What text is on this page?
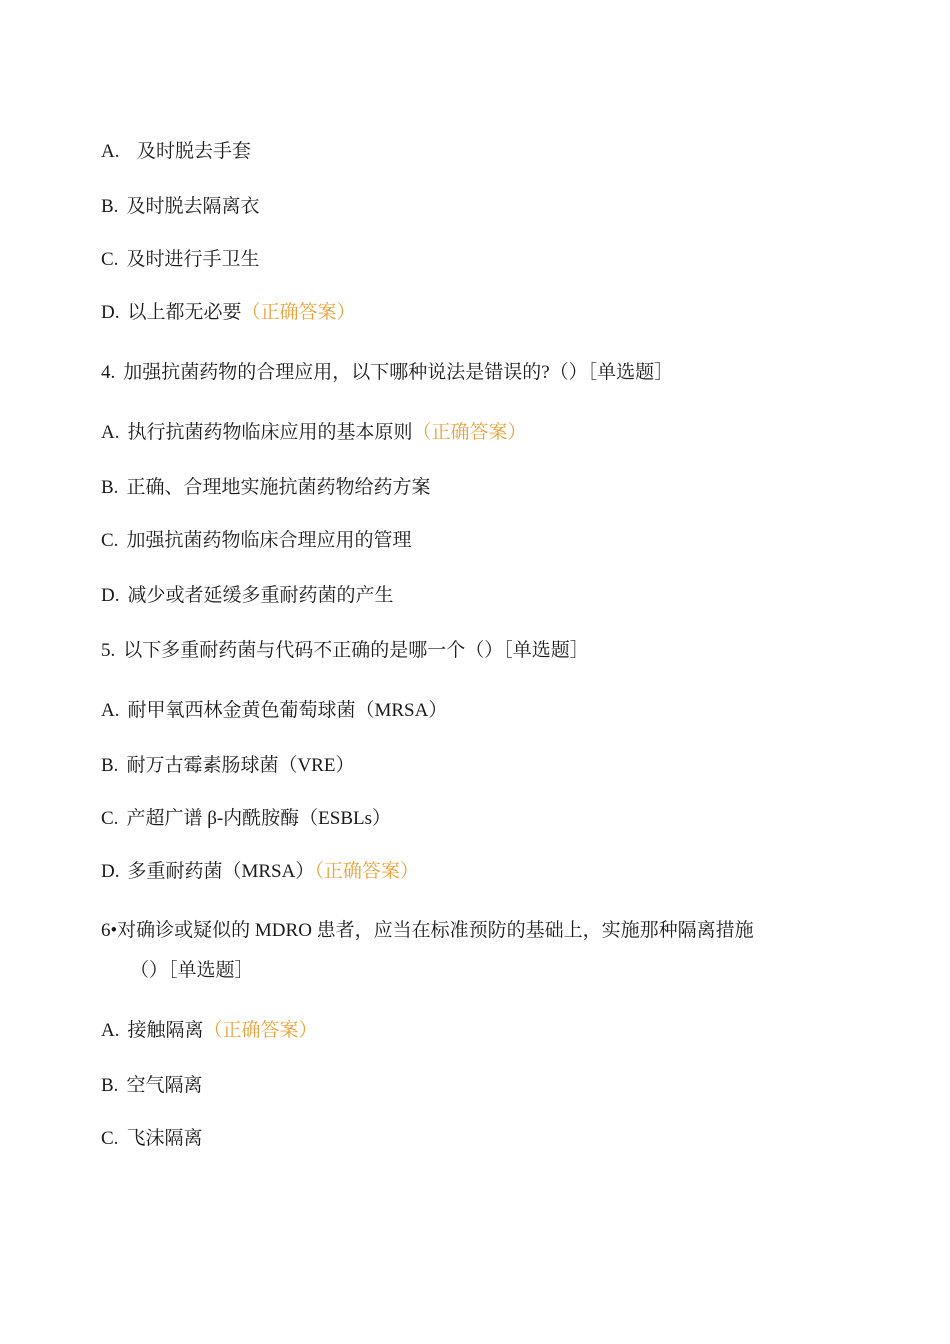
A.  及时脱去手套
B. 及时脱去隔离衣
C. 及时进行手卫生
D. 以上都无必要（正确答案）
4. 加强抗菌药物的合理应用，以下哪种说法是错误的?（）［单选题］
A. 执行抗菌药物临床应用的基本原则（正确答案）
B. 正确、合理地实施抗菌药物给药方案
C. 加强抗菌药物临床合理应用的管理
D. 减少或者延缓多重耐药菌的产生
5. 以下多重耐药菌与代码不正确的是哪一个（）［单选题］
A. 耐甲氧西林金黄色葡萄球菌（MRSA）
B. 耐万古霉素肠球菌（VRE）
C. 产超广谱 β-内酰胺酶（ESBLs）
D. 多重耐药菌（MRSA）（正确答案）
6•对确诊或疑似的 MDRO 患者，应当在标准预防的基础上，实施那种隔离措施
（）［单选题］
A. 接触隔离（正确答案）
B. 空气隔离
C. 飞沫隔离
